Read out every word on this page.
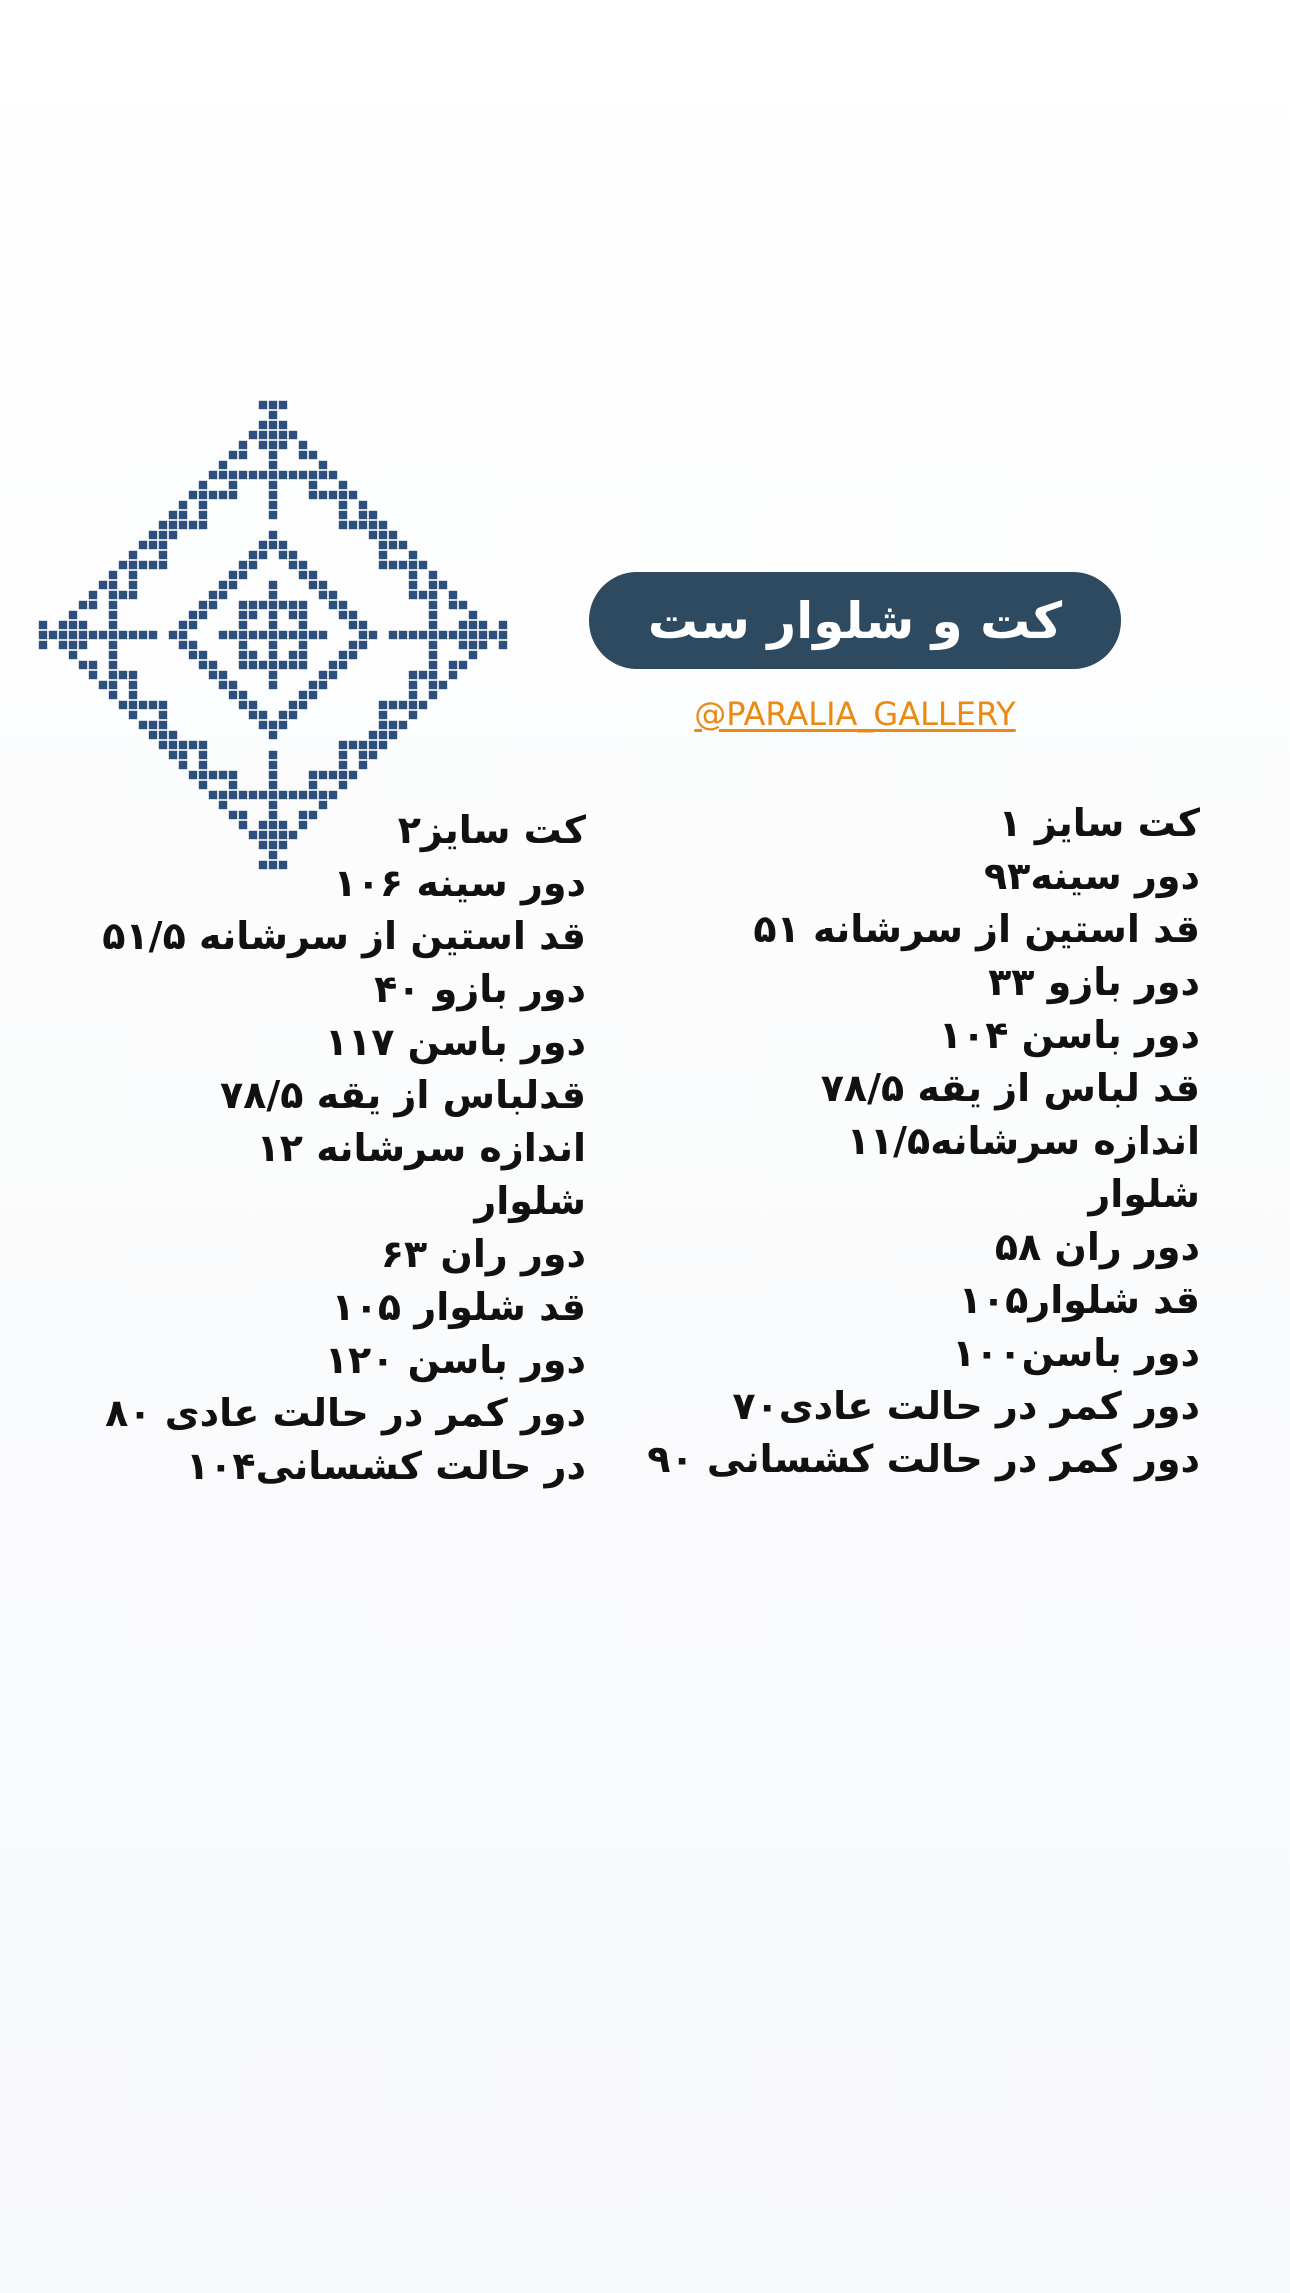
کت و شلوار ست
@PARALIA_GALLERY
کت سایز ۱
دور سینه۹۳
قد استین از سرشانه ۵۱
دور بازو ۳۳
دور باسن ۱۰۴
قد لباس از یقه ۷۸/۵
اندازه سرشانه۱۱/۵
شلوار
دور ران ۵۸
قد شلوار۱۰۵
دور باسن۱۰۰
دور کمر در حالت عادی۷۰
دور کمر در حالت کشسانی ۹۰
کت سایز۲
دور سینه ۱۰۶
قد استین از سرشانه ۵۱/۵
دور بازو ۴۰
دور باسن ۱۱۷
قدلباس از یقه ۷۸/۵
اندازه سرشانه ۱۲
شلوار
دور ران ۶۳
قد شلوار ۱۰۵
دور باسن ۱۲۰
دور کمر در حالت عادی ۸۰
در حالت کشسانی۱۰۴
